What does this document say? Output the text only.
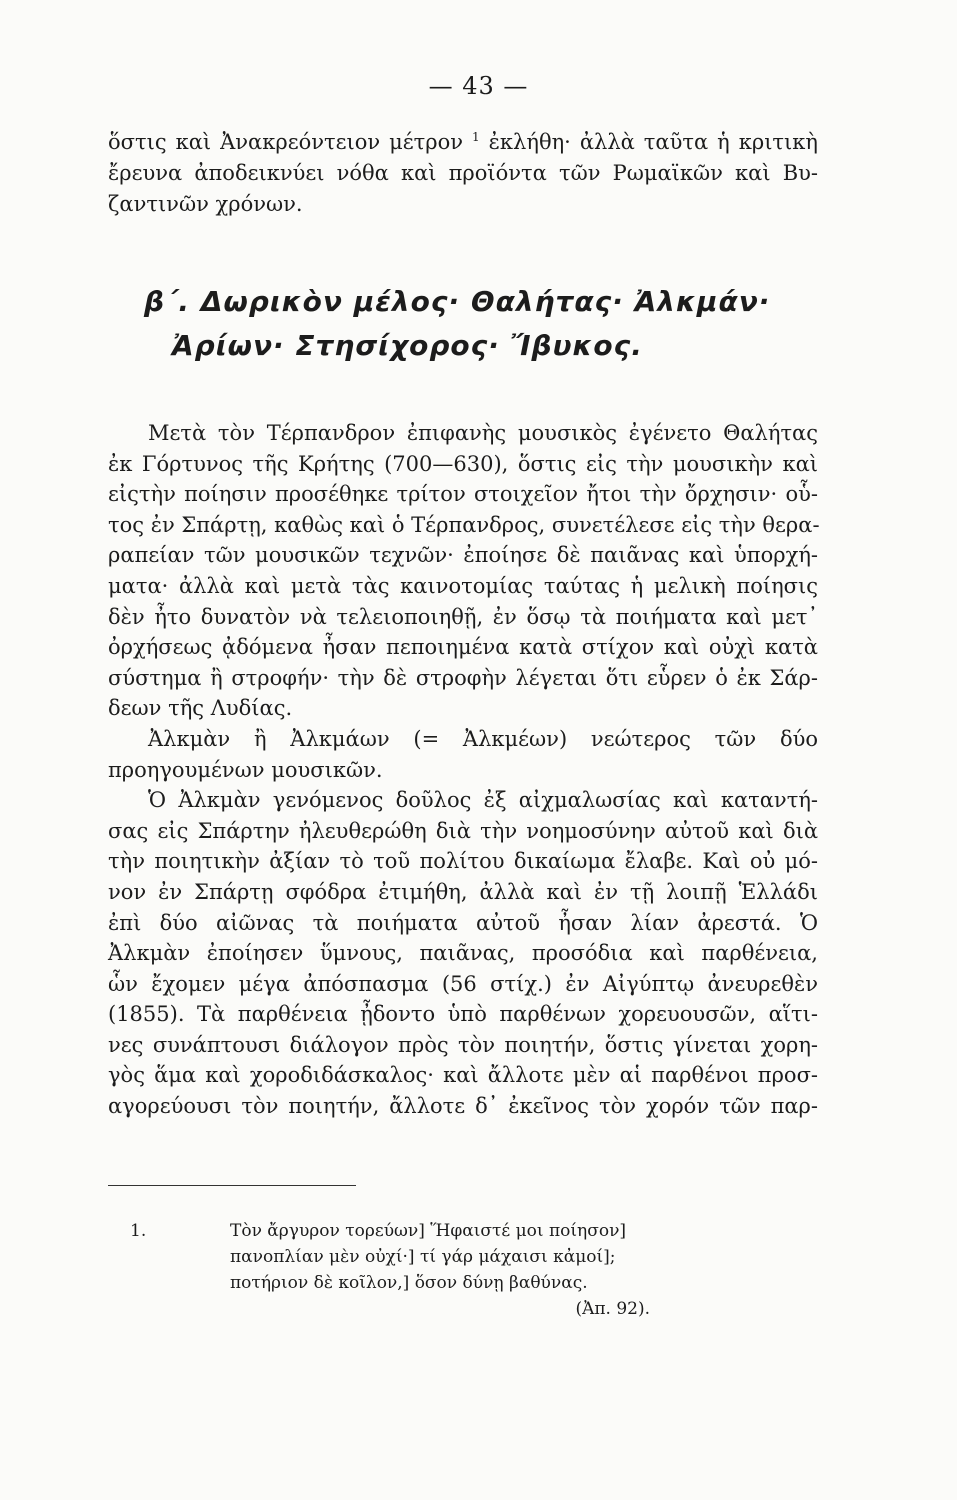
— 43 —
ὅστις καὶ Ἀνακρεόντειον μέτρον $^1$ ἐκλήθη· ἀλλὰ ταῦτα ἡ κριτικὴ
ἔρευνα ἀποδεικνύει νόθα καὶ προϊόντα τῶν Ρωμαϊκῶν καὶ Βυ-
ζαντινῶν χρόνων.
β΄. Δωρικὸν μέλος· Θαλήτας· Ἀλκμάν·
Ἀρίων· Στησίχορος· Ἴβυκος.
Μετὰ τὸν Τέρπανδρον ἐπιφανὴς μουσικὸς ἐγένετο Θαλήτας
ἐκ Γόρτυνος τῆς Κρήτης (700—630), ὅστις εἰς τὴν μουσικὴν καὶ
εἰςτὴν ποίησιν προσέθηκε τρίτον στοιχεῖον ἤτοι τὴν ὄρχησιν· οὗ-
τος ἐν Σπάρτῃ, καθὼς καὶ ὁ Τέρπανδρος, συνετέλεσε εἰς τὴν θερα-
ραπείαν τῶν μουσικῶν τεχνῶν· ἐποίησε δὲ παιᾶνας καὶ ὑπορχή-
ματα· ἀλλὰ καὶ μετὰ τὰς καινοτομίας ταύτας ἡ μελικὴ ποίησις
δὲν ἦτο δυνατὸν νὰ τελειοποιηθῇ, ἐν ὅσῳ τὰ ποιήματα καὶ μετ᾽
ὀρχήσεως ᾀδόμενα ἦσαν πεποιημένα κατὰ στίχον καὶ οὐχὶ κατὰ
σύστημα ἢ στροφήν· τὴν δὲ στροφὴν λέγεται ὅτι εὗρεν ὁ ἐκ Σάρ-
δεων τῆς Λυδίας.
Ἀλκμὰν ἢ Ἀλκμάων (= Ἀλκμέων) νεώτερος τῶν δύο
προηγουμένων μουσικῶν.
Ὁ Ἀλκμὰν γενόμενος δοῦλος ἐξ αἰχμαλωσίας καὶ καταντή-
σας εἰς Σπάρτην ἠλευθερώθη διὰ τὴν νοημοσύνην αὐτοῦ καὶ διὰ
τὴν ποιητικὴν ἀξίαν τὸ τοῦ πολίτου δικαίωμα ἔλαβε. Καὶ οὐ μό-
νον ἐν Σπάρτῃ σφόδρα ἐτιμήθη, ἀλλὰ καὶ ἐν τῇ λοιπῇ Ἑλλάδι
ἐπὶ δύο αἰῶνας τὰ ποιήματα αὐτοῦ ἦσαν λίαν ἀρεστά. Ὁ
Ἀλκμὰν ἐποίησεν ὕμνους, παιᾶνας, προσόδια καὶ παρθένεια,
ὧν ἔχομεν μέγα ἀπόσπασμα (56 στίχ.) ἐν Αἰγύπτῳ ἀνευρεθὲν
(1855). Τὰ παρθένεια ᾖδοντο ὑπὸ παρθένων χορευουσῶν, αἵτι-
νες συνάπτουσι διάλογον πρὸς τὸν ποιητήν, ὅστις γίνεται χορη-
γὸς ἅμα καὶ χοροδιδάσκαλος· καὶ ἄλλοτε μὲν αἱ παρθένοι προσ-
αγορεύουσι τὸν ποιητήν, ἄλλοτε δ᾽ ἐκεῖνος τὸν χορόν τῶν παρ-
1.	Τὸν ἄργυρον τορεύων] Ἥφαιστέ μοι ποίησον]
πανοπλίαν μὲν οὐχί·] τί γάρ μάχαισι κἀμοί];
ποτήριον δὲ κοῖλον,] ὅσον δύνῃ βαθύνας.
(Ἀπ. 92).
